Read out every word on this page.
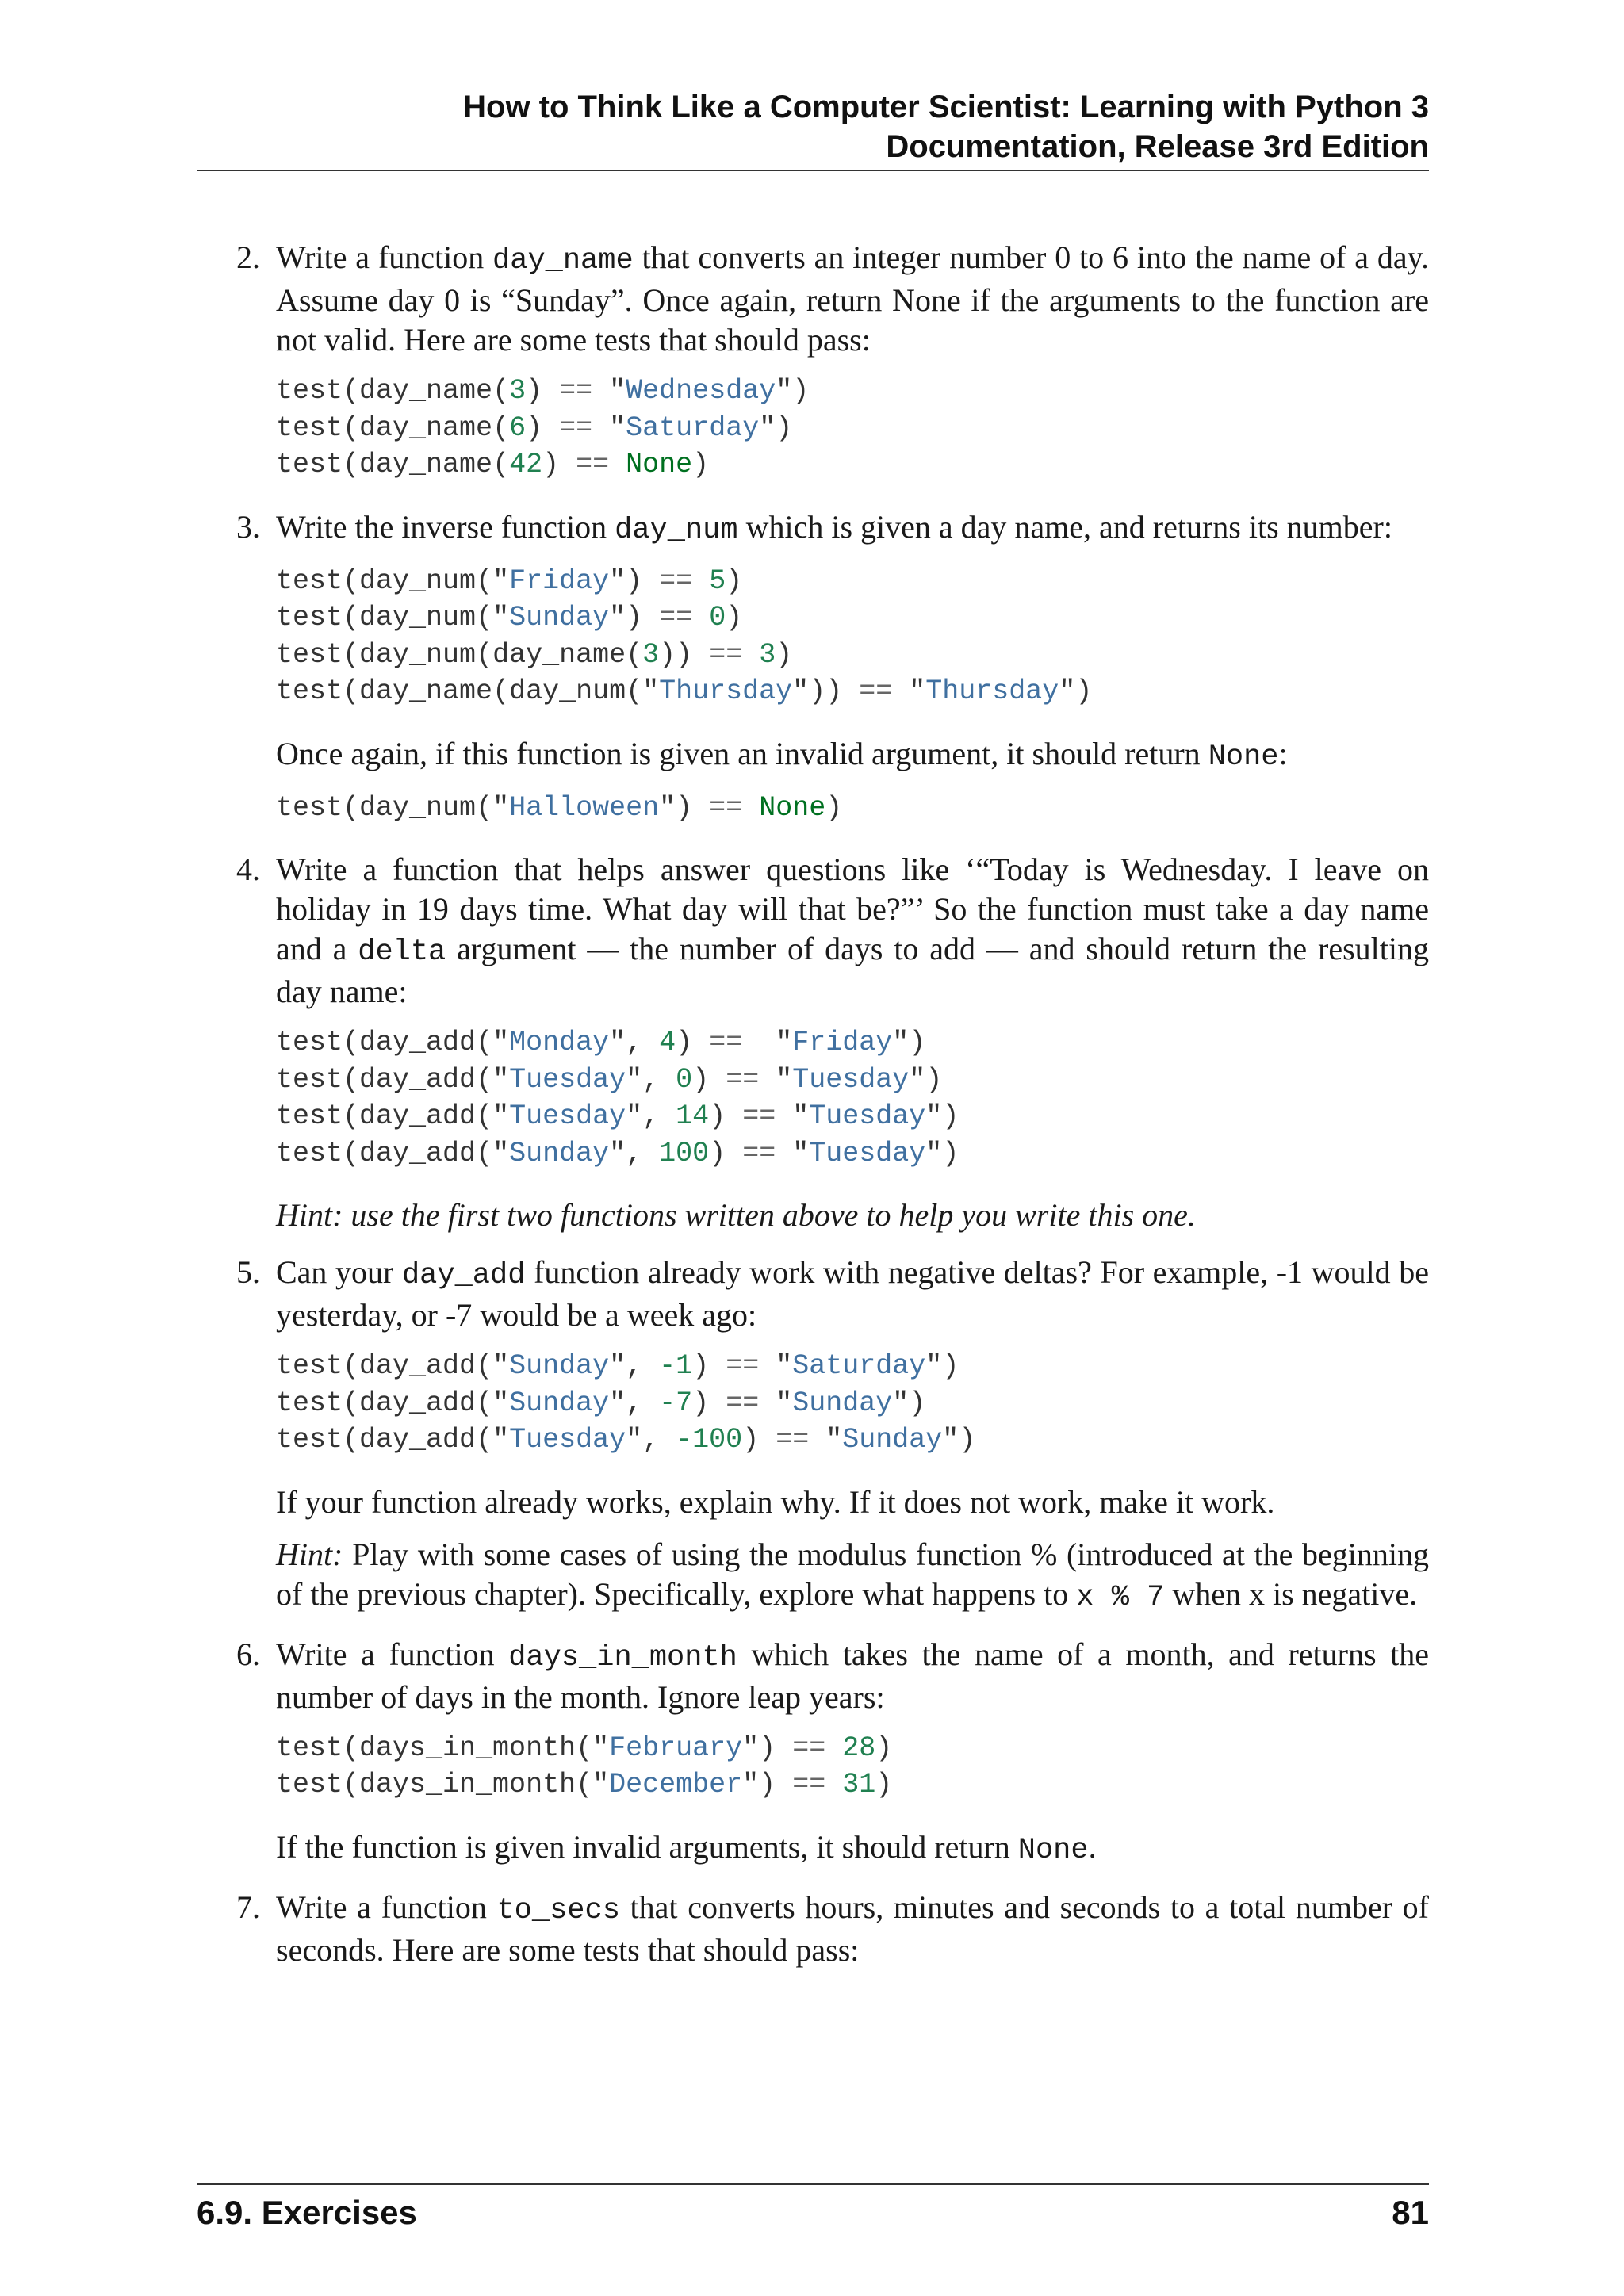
How to Think Like a Computer Scientist: Learning with Python 3
Documentation, Release 3rd Edition
2. Write a function day_name that converts an integer number 0 to 6 into the name of a day. Assume day 0 is “Sunday”. Once again, return None if the arguments to the function are not valid. Here are some tests that should pass:

test(day_name(3) == "Wednesday")
test(day_name(6) == "Saturday")
test(day_name(42) == None)
3. Write the inverse function day_num which is given a day name, and returns its number:

test(day_num("Friday") == 5)
test(day_num("Sunday") == 0)
test(day_num(day_name(3)) == 3)
test(day_name(day_num("Thursday")) == "Thursday")

Once again, if this function is given an invalid argument, it should return None:

test(day_num("Halloween") == None)
4. Write a function that helps answer questions like ‘“Today is Wednesday. I leave on holiday in 19 days time. What day will that be?”’ So the function must take a day name and a delta argument — the number of days to add — and should return the resulting day name:

test(day_add("Monday", 4) == "Friday")
test(day_add("Tuesday", 0) == "Tuesday")
test(day_add("Tuesday", 14) == "Tuesday")
test(day_add("Sunday", 100) == "Tuesday")

Hint: use the first two functions written above to help you write this one.

5. Can your day_add function already work with negative deltas? For example, -1 would be yesterday, or -7 would be a week ago:

test(day_add("Sunday", -1) == "Saturday")
test(day_add("Sunday", -7) == "Sunday")
test(day_add("Tuesday", -100) == "Sunday")

If your function already works, explain why. If it does not work, make it work.

Hint: Play with some cases of using the modulus function % (introduced at the beginning of the previous chapter). Specifically, explore what happens to x % 7 when x is negative.

6. Write a function days_in_month which takes the name of a month, and returns the number of days in the month. Ignore leap years:

test(days_in_month("February") == 28)
test(days_in_month("December") == 31)

If the function is given invalid arguments, it should return None.

7. Write a function to_secs that converts hours, minutes and seconds to a total number of seconds. Here are some tests that should pass:

6.9. Exercises	81
